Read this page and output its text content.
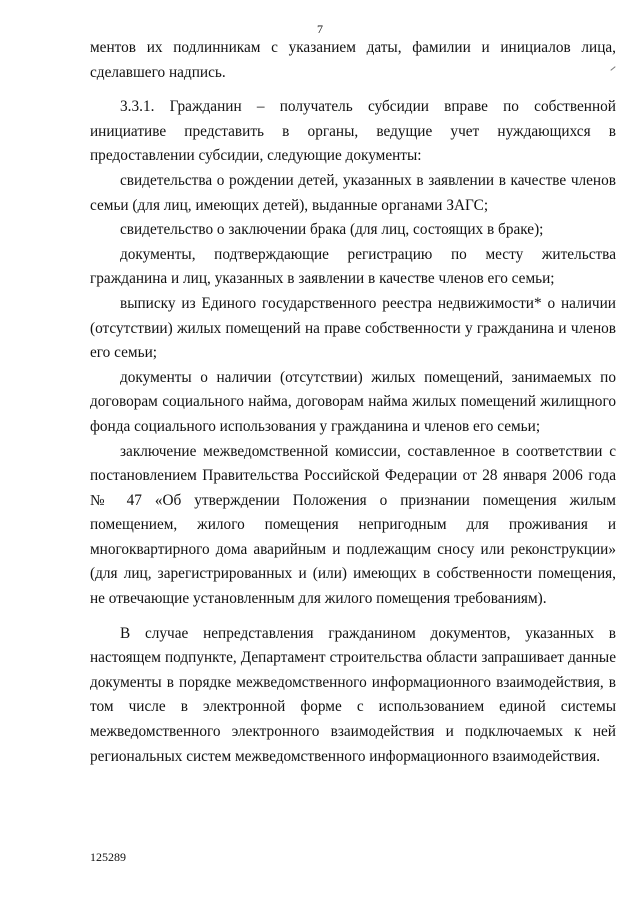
7

ментов их подлинникам с указанием даты, фамилии и инициалов лица, сделавшего надпись.

3.3.1. Гражданин – получатель субсидии вправе по собственной инициативе представить в органы, ведущие учет нуждающихся в предоставлении субсидии, следующие документы:

свидетельства о рождении детей, указанных в заявлении в качестве членов семьи (для лиц, имеющих детей), выданные органами ЗАГС;

свидетельство о заключении брака (для лиц, состоящих в браке);

документы, подтверждающие регистрацию по месту жительства гражданина и лиц, указанных в заявлении в качестве членов его семьи;

выписку из Единого государственного реестра недвижимости* о наличии (отсутствии) жилых помещений на праве собственности у гражданина и членов его семьи;

документы о наличии (отсутствии) жилых помещений, занимаемых по договорам социального найма, договорам найма жилых помещений жилищного фонда социального использования у гражданина и членов его семьи;

заключение межведомственной комиссии, составленное в соответствии с постановлением Правительства Российской Федерации от 28 января 2006 года № 47 «Об утверждении Положения о признании помещения жилым помещением, жилого помещения непригодным для проживания и многоквартирного дома аварийным и подлежащим сносу или реконструкции» (для лиц, зарегистрированных и (или) имеющих в собственности помещения, не отвечающие установленным для жилого помещения требованиям).

В случае непредставления гражданином документов, указанных в настоящем подпункте, Департамент строительства области запрашивает данные документы в порядке межведомственного информационного взаимодействия, в том числе в электронной форме с использованием единой системы межведомственного электронного взаимодействия и подключаемых к ней региональных систем межведомственного информационного взаимодействия.

125289
